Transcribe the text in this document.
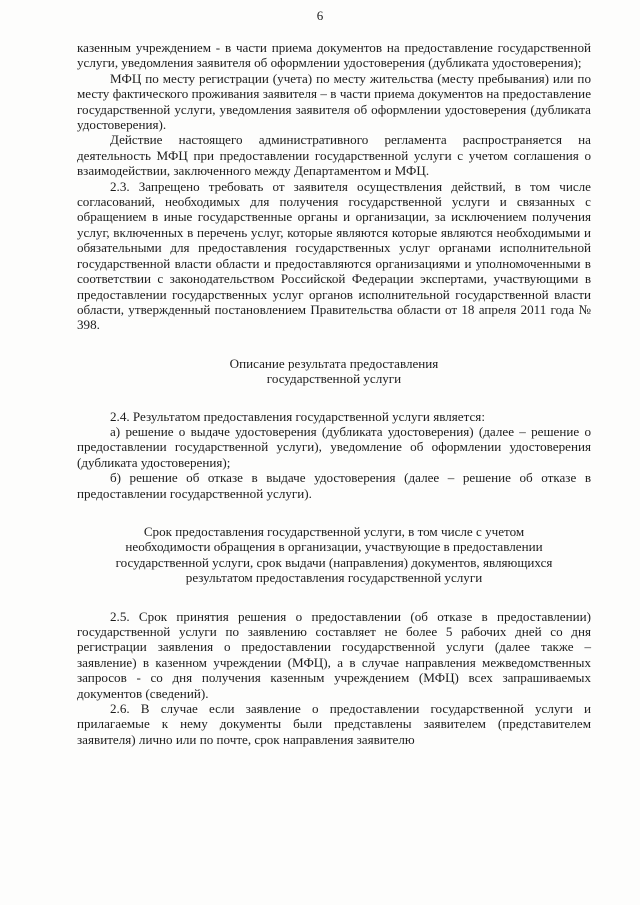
6

казенным учреждением - в части приема документов на предоставление государственной услуги, уведомления заявителя об оформлении удостоверения (дубликата удостоверения);

МФЦ по месту регистрации (учета) по месту жительства (месту пребывания) или по месту фактического проживания заявителя – в части приема документов на предоставление государственной услуги, уведомления заявителя об оформлении удостоверения (дубликата удостоверения).

Действие настоящего административного регламента распространяется на деятельность МФЦ при предоставлении государственной услуги с учетом соглашения о взаимодействии, заключенного между Департаментом и МФЦ.

2.3. Запрещено требовать от заявителя осуществления действий, в том числе согласований, необходимых для получения государственной услуги и связанных с обращением в иные государственные органы и организации, за исключением получения услуг, включенных в перечень услуг, которые являются которые являются необходимыми и обязательными для предоставления государственных услуг органами исполнительной государственной власти области и предоставляются организациями и уполномоченными в соответствии с законодательством Российской Федерации экспертами, участвующими в предоставлении государственных услуг органов исполнительной государственной власти области, утвержденный постановлением Правительства области от 18 апреля 2011 года № 398.

Описание результата предоставления

государственной услуги

2.4. Результатом предоставления государственной услуги является:

а) решение о выдаче удостоверения (дубликата удостоверения) (далее – решение о предоставлении государственной услуги), уведомление об оформлении удостоверения (дубликата удостоверения);

б) решение об отказе в выдаче удостоверения (далее – решение об отказе в предоставлении государственной услуги).

Срок предоставления государственной услуги, в том числе с учетом

необходимости обращения в организации, участвующие в предоставлении

государственной услуги, срок выдачи (направления) документов, являющихся

результатом предоставления государственной услуги

2.5. Срок принятия решения о предоставлении (об отказе в предоставлении) государственной услуги по заявлению составляет не более 5 рабочих дней со дня регистрации заявления о предоставлении государственной услуги (далее также – заявление) в казенном учреждении (МФЦ), а в случае направления межведомственных запросов - со дня получения казенным учреждением (МФЦ) всех запрашиваемых документов (сведений).

2.6. В случае если заявление о предоставлении государственной услуги и прилагаемые к нему документы были представлены заявителем (представителем заявителя) лично или по почте, срок направления заявителю
